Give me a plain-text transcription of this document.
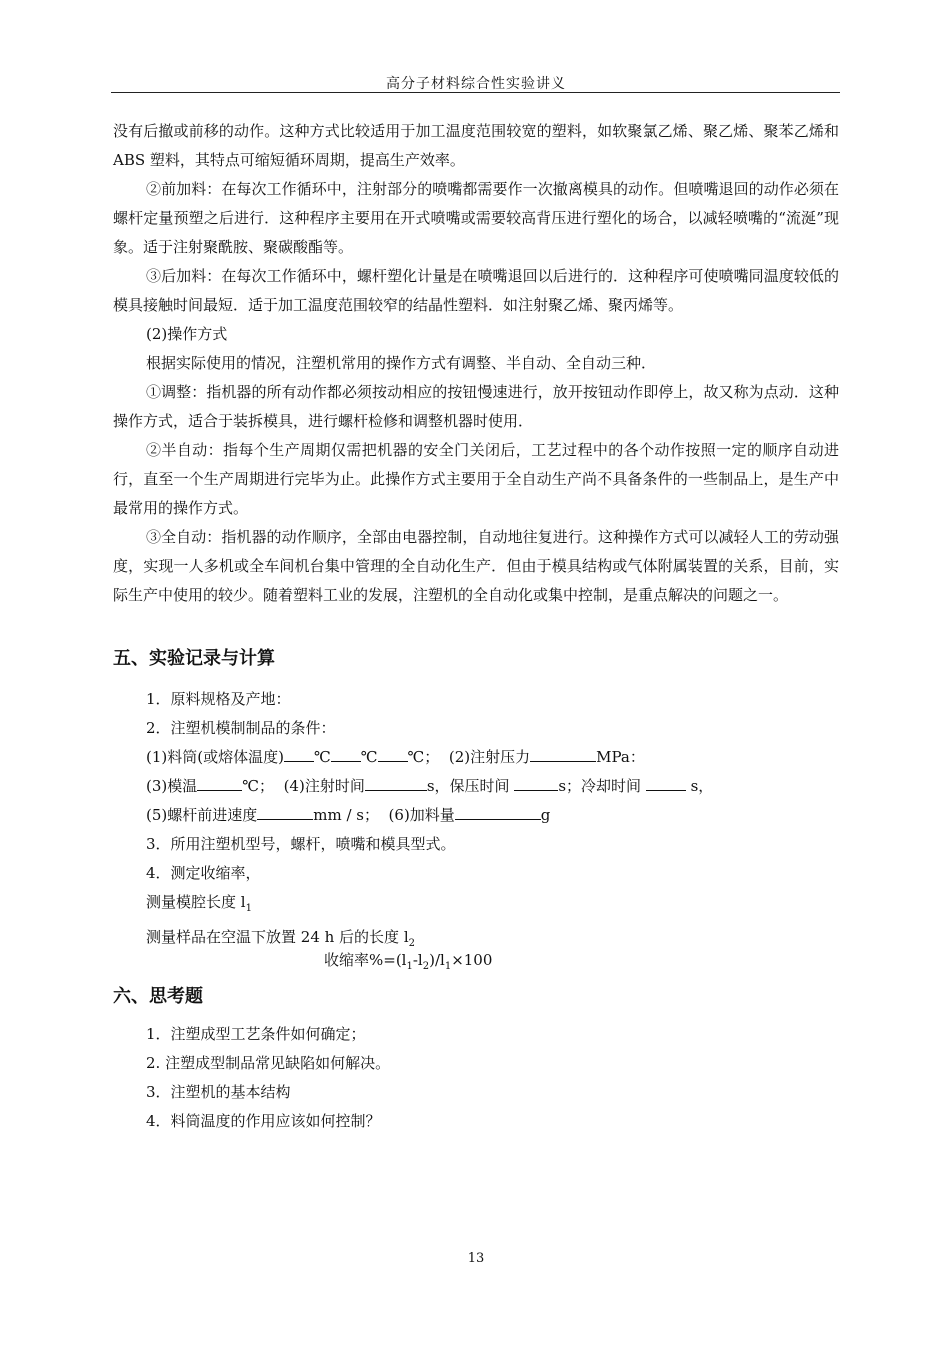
高分子材料综合性实验讲义

没有后撤或前移的动作。这种方式比较适用于加工温度范围较宽的塑料，如软聚氯乙烯、聚乙烯、聚苯乙烯和 ABS 塑料，其特点可缩短循环周期，提高生产效率。

②前加料：在每次工作循环中，注射部分的喷嘴都需要作一次撤离模具的动作。但喷嘴退回的动作必须在螺杆定量预塑之后进行．这种程序主要用在开式喷嘴或需要较高背压进行塑化的场合，以减轻喷嘴的“流涎”现象。适于注射聚酰胺、聚碳酸酯等。

③后加料：在每次工作循环中，螺杆塑化计量是在喷嘴退回以后进行的．这种程序可使喷嘴同温度较低的模具接触时间最短．适于加工温度范围较窄的结晶性塑料．如注射聚乙烯、聚丙烯等。

(2)操作方式

根据实际使用的情况，注塑机常用的操作方式有调整、半自动、全自动三种．

①调整：指机器的所有动作都必须按动相应的按钮慢速进行，放开按钮动作即停上，故又称为点动．这种操作方式，适合于装拆模具，进行螺杆检修和调整机器时使用．

②半自动：指每个生产周期仅需把机器的安全门关闭后，工艺过程中的各个动作按照一定的顺序自动进行，直至一个生产周期进行完毕为止。此操作方式主要用于全自动生产尚不具备条件的一些制品上，是生产中最常用的操作方式。

③全自动：指机器的动作顺序，全部由电器控制，自动地往复进行。这种操作方式可以减轻人工的劳动强度，实现一人多机或全车间机台集中管理的全自动化生产．但由于模具结构或气体附属装置的关系，目前，实际生产中使用的较少。随着塑料工业的发展，注塑机的全自动化或集中控制，是重点解决的问题之一。

五、实验记录与计算

1．原料规格及产地：

2．注塑机模制制品的条件：

(1)料筒(或熔体温度) ℃ ℃ ℃； (2)注射压力	MPa：

(3)模温	℃； (4)注射时间	s，保压时间	s；冷却时间	s，

(5)螺杆前进速度	mm / s； (6)加料量	g

3．所用注塑机型号，螺杆，喷嘴和模具型式。

4．测定收缩率，

测量模腔长度 $l_1$

测量样品在空温下放置 24 h 后的长度 $l_2$

收缩率$\%=(l_1-l_2)/l_1\times 100$

六、思考题

1．注塑成型工艺条件如何确定；

2. 注塑成型制品常见缺陷如何解决。

3．注塑机的基本结构

4．料筒温度的作用应该如何控制？

13
